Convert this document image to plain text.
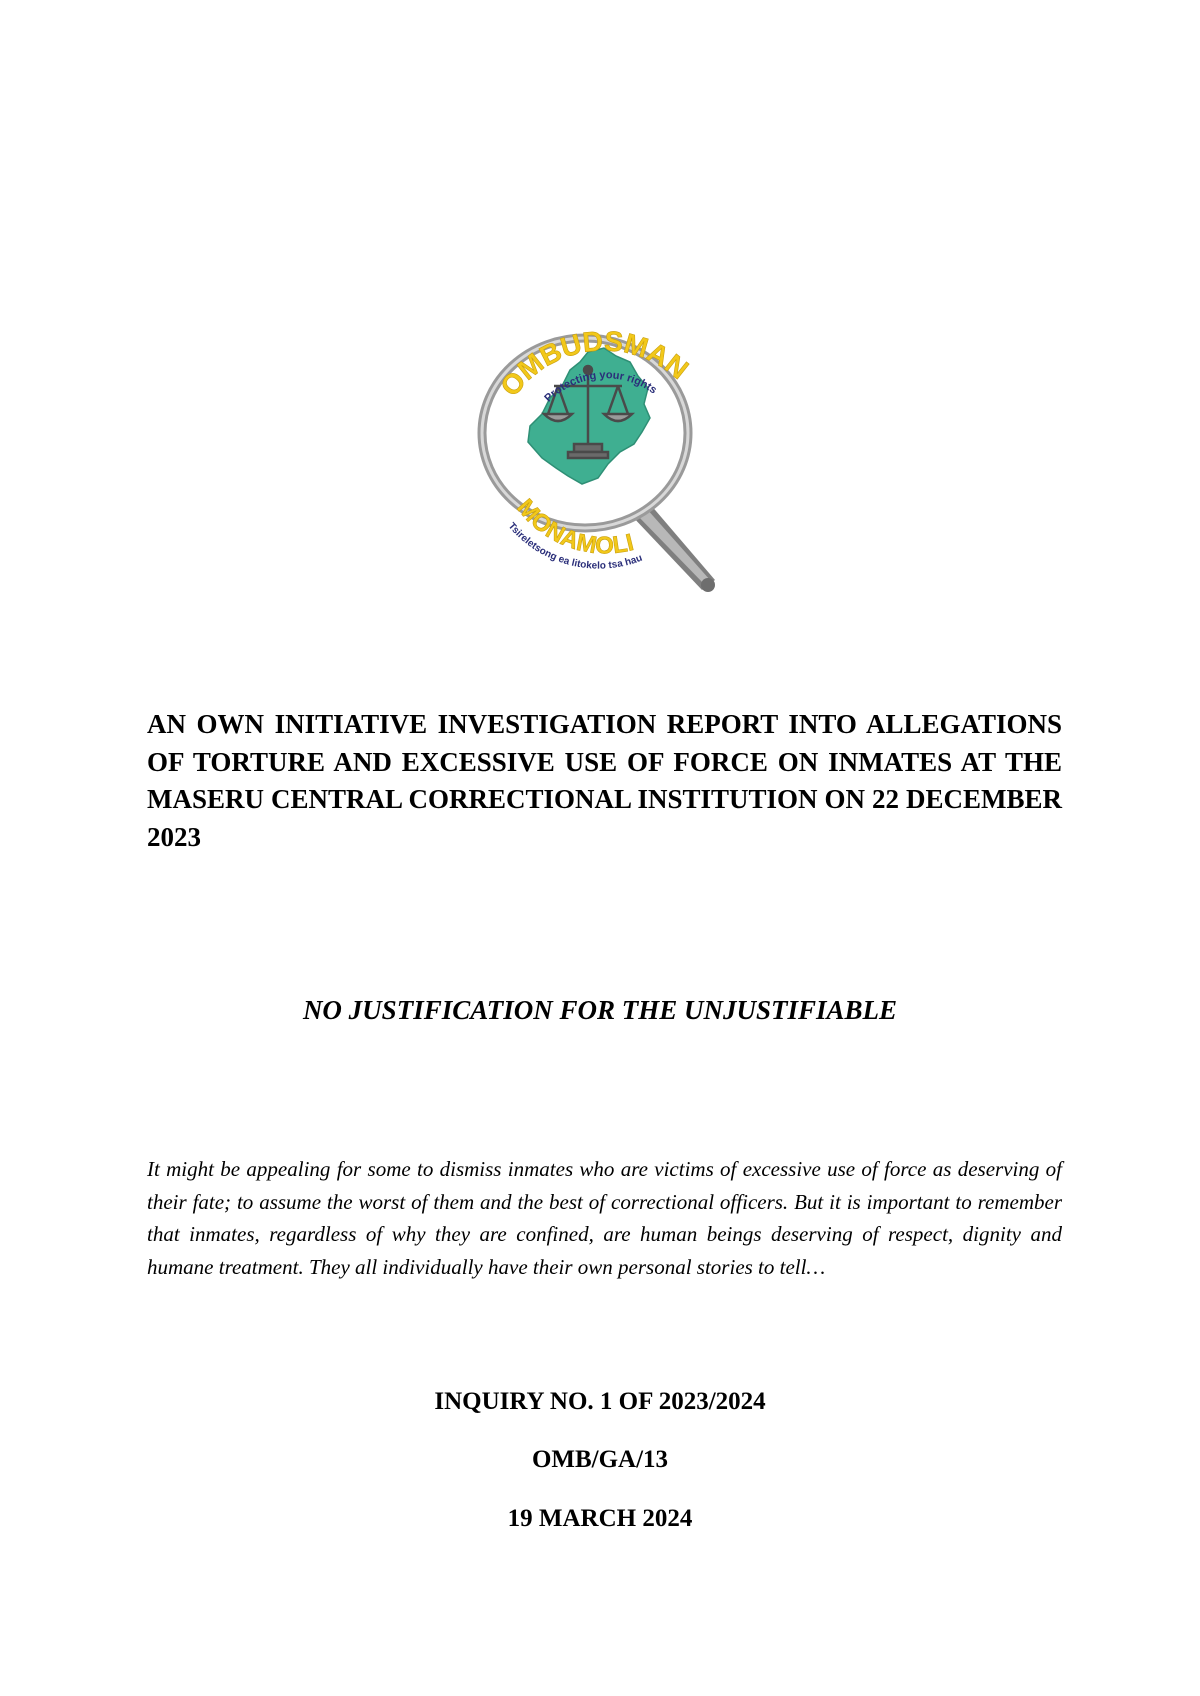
OMBUDSMAN
Protecting your rights
MONAMOLI
Tsireletsong ea litokelo tsa hau

AN OWN INITIATIVE INVESTIGATION REPORT INTO ALLEGATIONS OF TORTURE AND EXCESSIVE USE OF FORCE ON INMATES AT THE MASERU CENTRAL CORRECTIONAL INSTITUTION ON 22 DECEMBER 2023

NO JUSTIFICATION FOR THE UNJUSTIFIABLE

It might be appealing for some to dismiss inmates who are victims of excessive use of force as deserving of their fate; to assume the worst of them and the best of correctional officers. But it is important to remember that inmates, regardless of why they are confined, are human beings deserving of respect, dignity and humane treatment. They all individually have their own personal stories to tell…

INQUIRY NO. 1 OF 2023/2024

OMB/GA/13

19 MARCH 2024
